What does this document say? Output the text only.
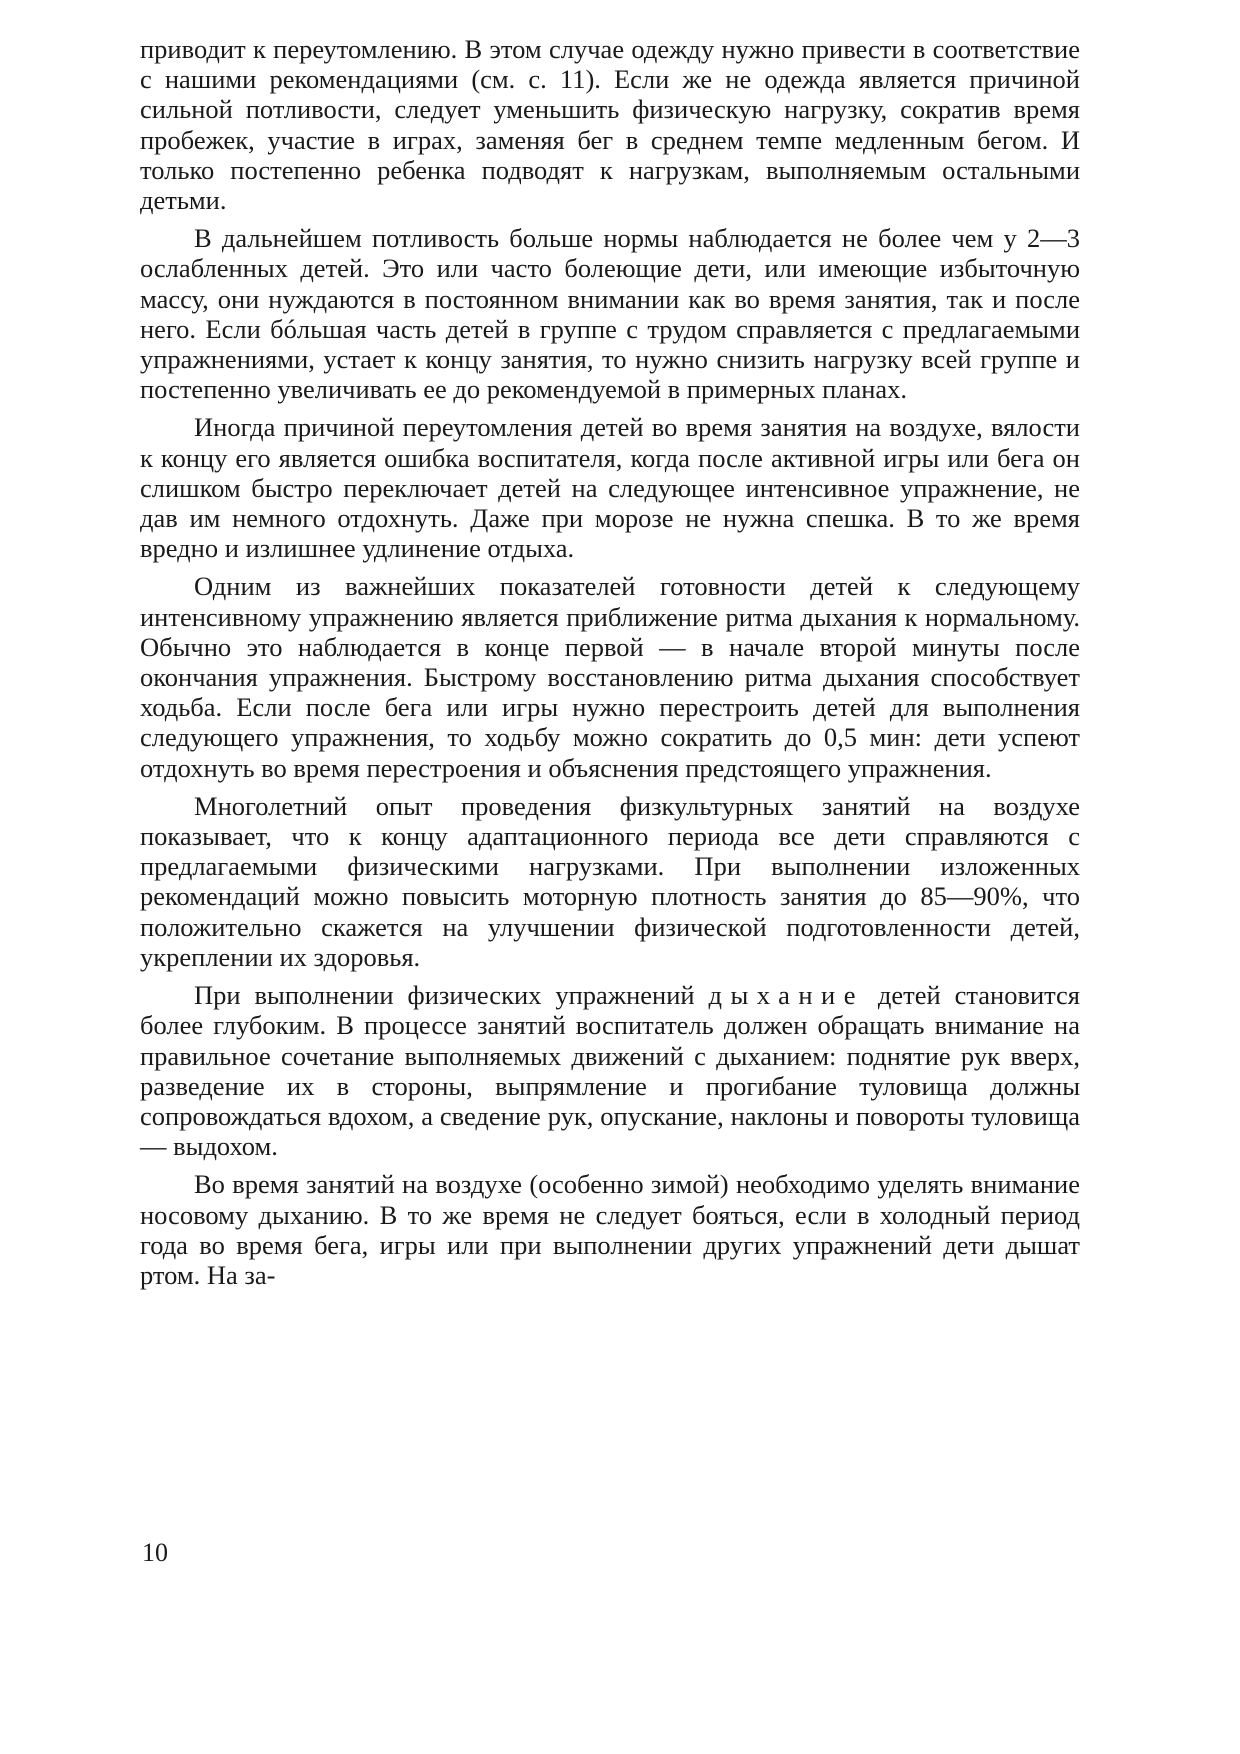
приводит к переутомлению. В этом случае одежду нужно привести в соответствие с нашими рекомендациями (см. с. 11). Если же не одежда является причиной сильной потливости, следует уменьшить физическую нагрузку, сократив время пробежек, участие в играх, заменяя бег в среднем темпе медленным бегом. И только постепенно ребенка подводят к нагрузкам, выполняемым остальными детьми.

В дальнейшем потливость больше нормы наблюдается не более чем у 2—3 ослабленных детей. Это или часто болеющие дети, или имеющие избыточную массу, они нуждаются в постоянном внимании как во время занятия, так и после него. Если бóльшая часть детей в группе с трудом справляется с предлагаемыми упражнениями, устает к концу занятия, то нужно снизить нагрузку всей группе и постепенно увеличивать ее до рекомендуемой в примерных планах.

Иногда причиной переутомления детей во время занятия на воздухе, вялости к концу его является ошибка воспитателя, когда после активной игры или бега он слишком быстро переключает детей на следующее интенсивное упражнение, не дав им немного отдохнуть. Даже при морозе не нужна спешка. В то же время вредно и излишнее удлинение отдыха.

Одним из важнейших показателей готовности детей к следующему интенсивному упражнению является приближение ритма дыхания к нормальному. Обычно это наблюдается в конце первой — в начале второй минуты после окончания упражнения. Быстрому восстановлению ритма дыхания способствует ходьба. Если после бега или игры нужно перестроить детей для выполнения следующего упражнения, то ходьбу можно сократить до 0,5 мин: дети успеют отдохнуть во время перестроения и объяснения предстоящего упражнения.

Многолетний опыт проведения физкультурных занятий на воздухе показывает, что к концу адаптационного периода все дети справляются с предлагаемыми физическими нагрузками. При выполнении изложенных рекомендаций можно повысить моторную плотность занятия до 85—90%, что положительно скажется на улучшении физической подготовленности детей, укреплении их здоровья.

При выполнении физических упражнений дыхание детей становится более глубоким. В процессе занятий воспитатель должен обращать внимание на правильное сочетание выполняемых движений с дыханием: поднятие рук вверх, разведение их в стороны, выпрямление и прогибание туловища должны сопровождаться вдохом, а сведение рук, опускание, наклоны и повороты туловища — выдохом.

Во время занятий на воздухе (особенно зимой) необходимо уделять внимание носовому дыханию. В то же время не следует бояться, если в холодный период года во время бега, игры или при выполнении других упражнений дети дышат ртом. На за-

10
